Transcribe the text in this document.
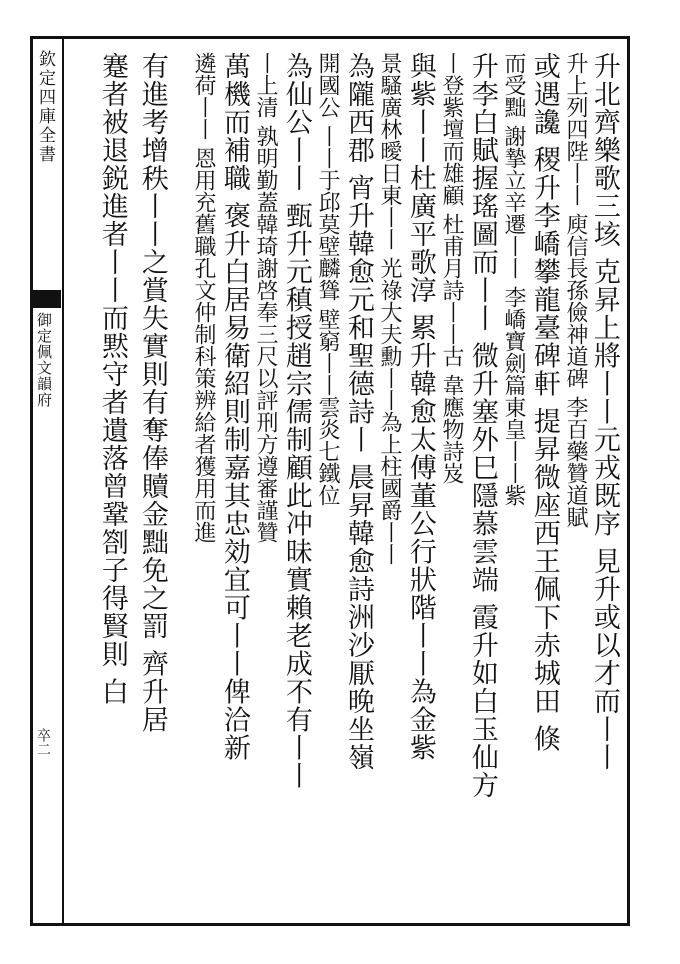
欽定四庫全書
御定佩文韻府
卒二	升北齊樂歌三垓 克昇上將丨丨元戎既序 見升或以才而丨丨
升上列四陛丨丨 庾信長孫儉神道碑 李百藥贊道賦
或遇讒 稷升李嶠攀龍臺碑軒 提昇微座西王佩下赤城田 倏
而受黜 謝摯立辛遷丨丨 李嶠寶劍篇東皇丨丨紫
升李白賦握瑤圖而丨丨 微升塞外巳隱慕雲端 霞升如白玉仙方
丨登紫壇而雄顧 杜甫月詩丨丨古 韋應物詩岌
與紫丨丨杜廣平歌淳 累升韓愈太傅董公行狀階丨丨為金紫
景騷廣林曖日東丨丨 光祿大夫勳丨丨為上柱國爵丨丨
為隴西郡 宵升韓愈元和聖德詩丨 晨昇韓愈詩洲沙厭晚坐嶺
開國公 丨丨于邱莫壁麟聳 壁窮丨丨雲炎七鐵位
為仙公丨丨 甄升元稹授趙宗儒制顧此冲昧實賴老成不有丨丨
丨上清 孰明勤蓋韓琦謝啓奉三尺以評刑方遵審謹贊
萬機而補職 褒升白居易衛紹則制嘉其忠効宜可丨丨俾洽新
遴荷丨丨 恩用充舊職孔文仲制科策辨給者獲用而進
有進考增秩丨丨之賞失實則有奪俸贖金黜免之罰 齊升居
蹇者被退鋭進者丨丨而黙守者遺落曾鞏劄子得賢則 白
